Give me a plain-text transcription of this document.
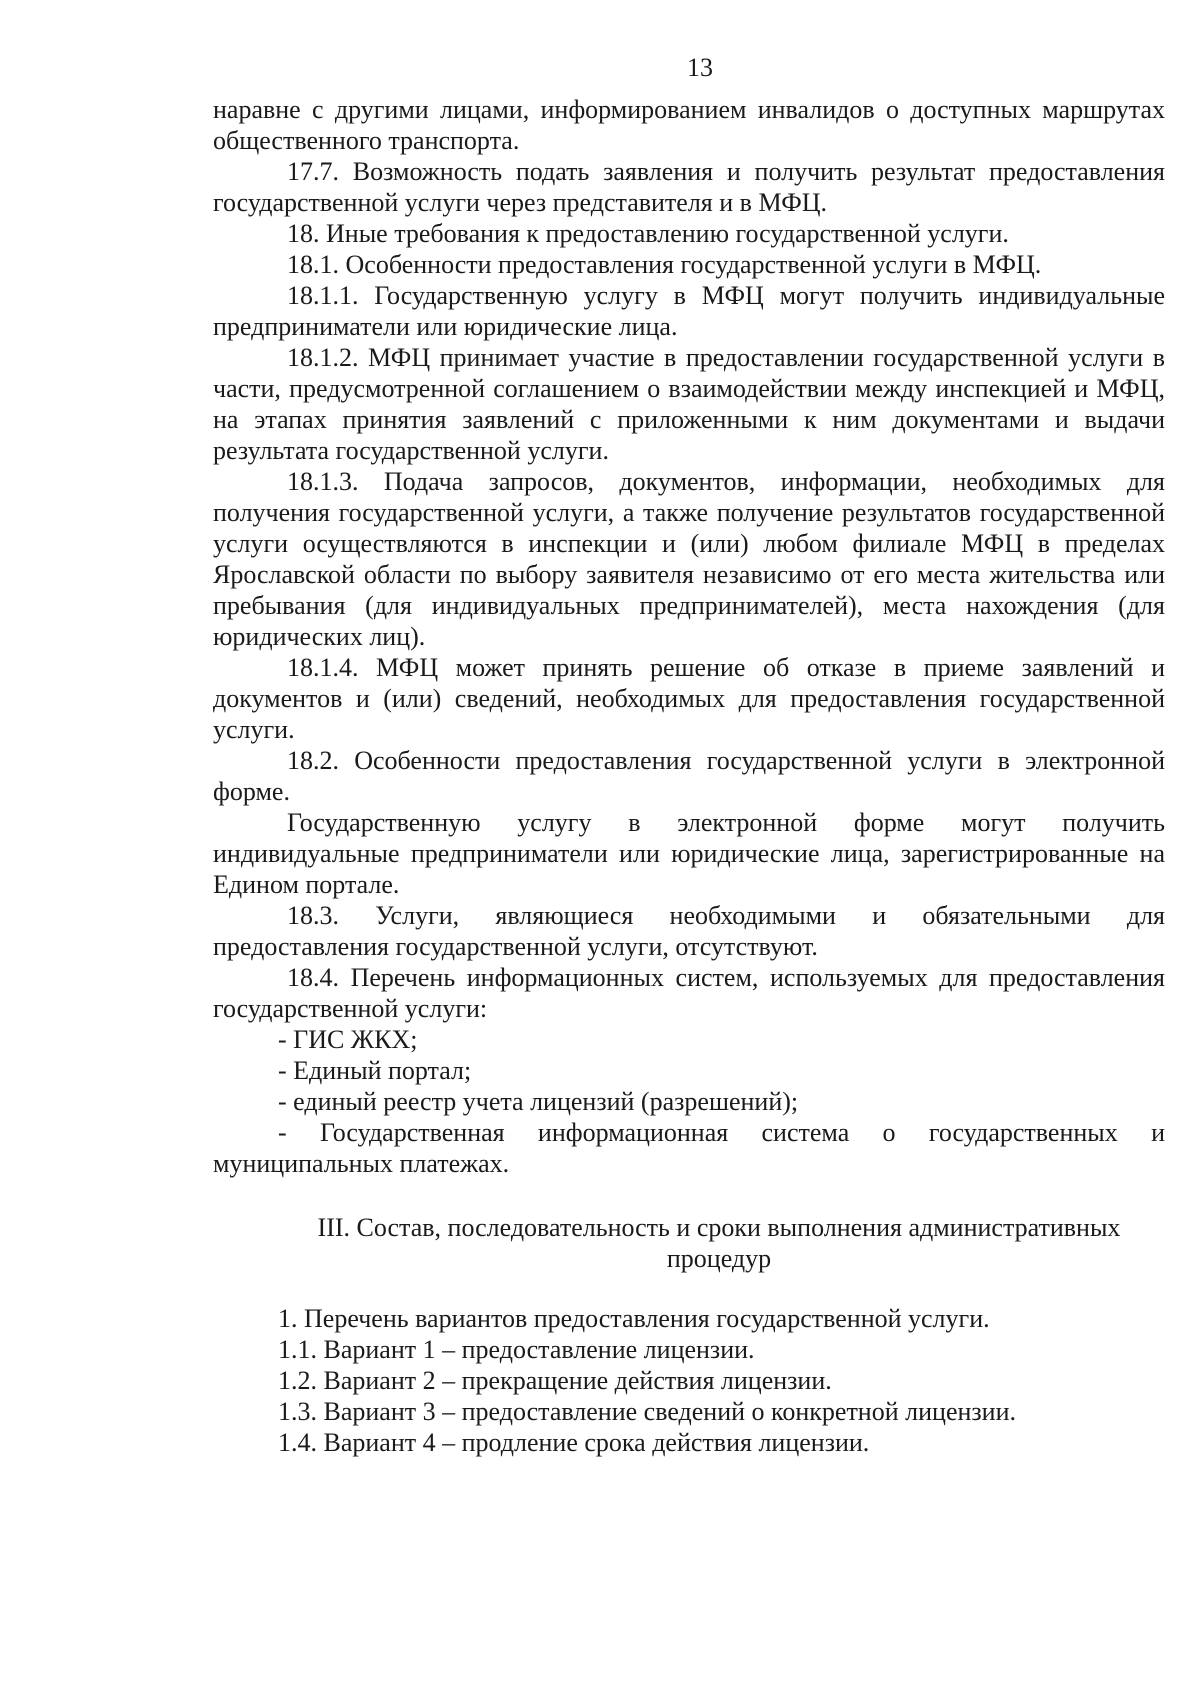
13

наравне с другими лицами, информированием инвалидов о доступных маршрутах общественного транспорта.

17.7. Возможность подать заявления и получить результат предоставления государственной услуги через представителя и в МФЦ.

18. Иные требования к предоставлению государственной услуги.

18.1. Особенности предоставления государственной услуги в МФЦ.

18.1.1. Государственную услугу в МФЦ могут получить индивидуальные предприниматели или юридические лица.

18.1.2. МФЦ принимает участие в предоставлении государственной услуги в части, предусмотренной соглашением о взаимодействии между инспекцией и МФЦ, на этапах принятия заявлений с приложенными к ним документами и выдачи результата государственной услуги.

18.1.3. Подача запросов, документов, информации, необходимых для получения государственной услуги, а также получение результатов государственной услуги осуществляются в инспекции и (или) любом филиале МФЦ в пределах Ярославской области по выбору заявителя независимо от его места жительства или пребывания (для индивидуальных предпринимателей), места нахождения (для юридических лиц).

18.1.4. МФЦ может принять решение об отказе в приеме заявлений и документов и (или) сведений, необходимых для предоставления государственной услуги.

18.2. Особенности предоставления государственной услуги в электронной форме.

Государственную услугу в электронной форме могут получить индивидуальные предприниматели или юридические лица, зарегистрированные на Едином портале.

18.3. Услуги, являющиеся необходимыми и обязательными для предоставления государственной услуги, отсутствуют.

18.4. Перечень информационных систем, используемых для предоставления государственной услуги:

- ГИС ЖКХ;

- Единый портал;

- единый реестр учета лицензий (разрешений);

- Государственная информационная система о государственных и муниципальных платежах.

III. Состав, последовательность и сроки выполнения административных процедур

1. Перечень вариантов предоставления государственной услуги.

1.1. Вариант 1 – предоставление лицензии.

1.2. Вариант 2 – прекращение действия лицензии.

1.3. Вариант 3 – предоставление сведений о конкретной лицензии.

1.4. Вариант 4 – продление срока действия лицензии.
